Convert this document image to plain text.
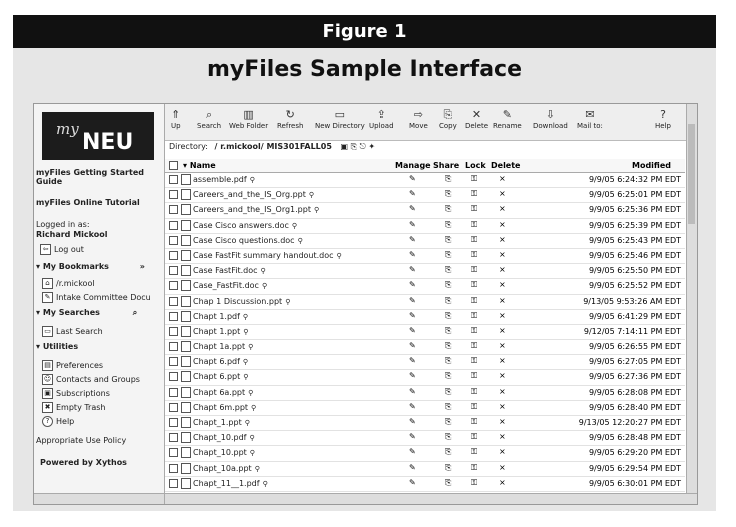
Figure 1
myFiles Sample Interface
my
NEU
myFiles Getting Started Guide
myFiles Online Tutorial
Logged in as:
Richard Mickool
⇦ Log out
▾ My Bookmarks	»
⌂ /r.mickool
✎ Intake Committee Docu
▾ My Searches	⌕
▭ Last Search
▾ Utilities
▤ Preferences
☺ Contacts and Groups
▣ Subscriptions
✖ Empty Trash
? Help
Appropriate Use Policy
Powered by Xythos
⇑
Up
⌕
Search
▥
Web Folder
↻
Refresh
▭
New Directory
⇪
Upload
⇨
Move
⎘
Copy
✕
Delete
✎
Rename
⇩
Download
✉
Mail to:
?
Help
Directory: / r.mickool/ MIS301FALL05 ▣ ⎘ ⎋ ✦
▾ Name	Manage Share Lock Delete	Modified
assemble.pdf ⚲	✎	⎘ ⚿	×	9/9/05 6:24:32 PM EDT
Careers_and_the_IS_Org.ppt ⚲	✎	⎘ ⚿	×	9/9/05 6:25:01 PM EDT
Careers_and_the_IS_Org1.ppt ⚲	✎	⎘ ⚿	×	9/9/05 6:25:36 PM EDT
Case Cisco answers.doc ⚲	✎	⎘ ⚿	×	9/9/05 6:25:39 PM EDT
Case Cisco questions.doc ⚲	✎	⎘ ⚿	×	9/9/05 6:25:43 PM EDT
Case FastFit summary handout.doc ⚲	✎	⎘ ⚿	×	9/9/05 6:25:46 PM EDT
Case FastFit.doc ⚲	✎	⎘ ⚿	×	9/9/05 6:25:50 PM EDT
Case_FastFit.doc ⚲	✎	⎘ ⚿	×	9/9/05 6:25:52 PM EDT
Chap 1 Discussion.ppt ⚲	✎	⎘ ⚿	×	9/13/05 9:53:26 AM EDT
Chapt 1.pdf ⚲	✎	⎘ ⚿	×	9/9/05 6:41:29 PM EDT
Chapt 1.ppt ⚲	✎	⎘ ⚿	×	9/12/05 7:14:11 PM EDT
Chapt 1a.ppt ⚲	✎	⎘ ⚿	×	9/9/05 6:26:55 PM EDT
Chapt 6.pdf ⚲	✎	⎘ ⚿	×	9/9/05 6:27:05 PM EDT
Chapt 6.ppt ⚲	✎	⎘ ⚿	×	9/9/05 6:27:36 PM EDT
Chapt 6a.ppt ⚲	✎	⎘ ⚿	×	9/9/05 6:28:08 PM EDT
Chapt 6m.ppt ⚲	✎	⎘ ⚿	×	9/9/05 6:28:40 PM EDT
Chapt_1.ppt ⚲	✎	⎘ ⚿	×	9/13/05 12:20:27 PM EDT
Chapt_10.pdf ⚲	✎	⎘ ⚿	×	9/9/05 6:28:48 PM EDT
Chapt_10.ppt ⚲	✎	⎘ ⚿	×	9/9/05 6:29:20 PM EDT
Chapt_10a.ppt ⚲	✎	⎘ ⚿	×	9/9/05 6:29:54 PM EDT
Chapt_11__1.pdf ⚲	✎	⎘ ⚿	×	9/9/05 6:30:01 PM EDT
